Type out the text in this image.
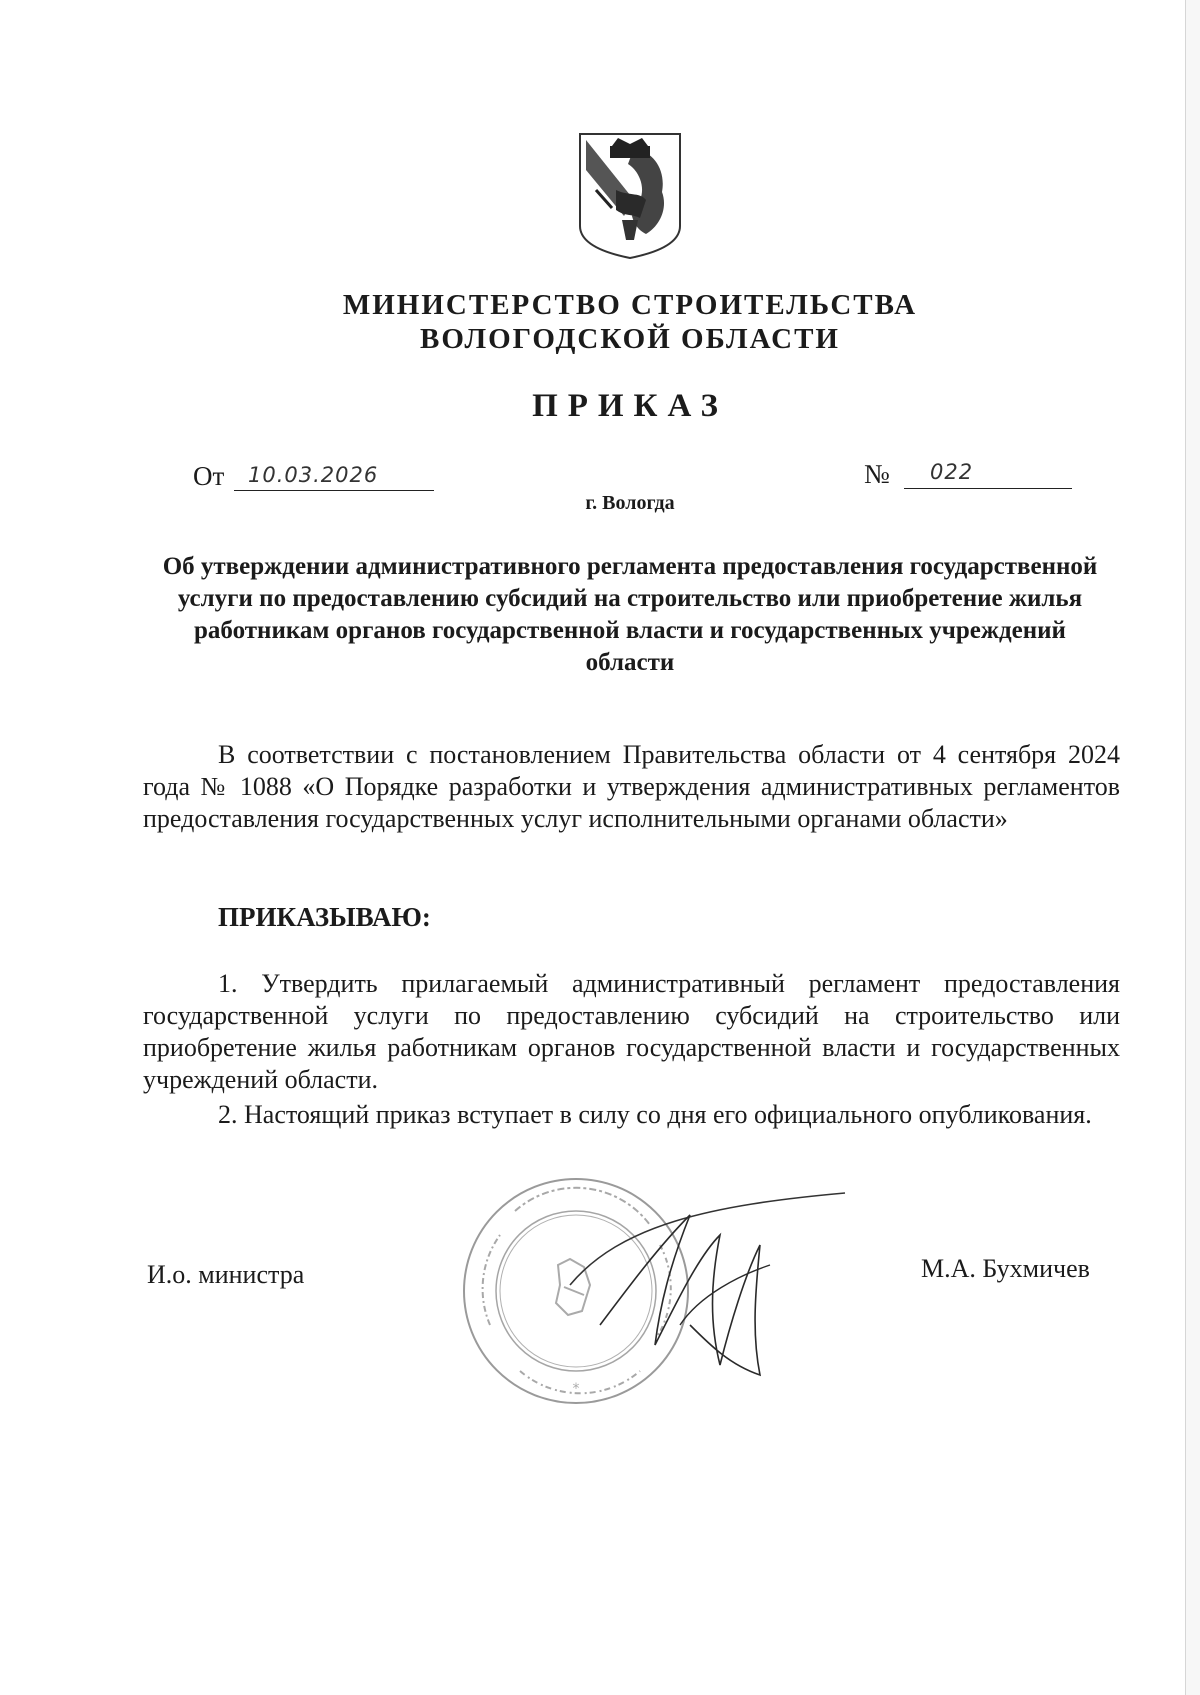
МИНИСТЕРСТВО СТРОИТЕЛЬСТВА
ВОЛОГОДСКОЙ ОБЛАСТИ
ПРИКАЗ
От 10.03.2026	№ 022
г. Вологда
Об утверждении административного регламента предоставления государственной услуги по предоставлению субсидий на строительство или приобретение жилья работникам органов государственной власти и государственных учреждений области
В соответствии с постановлением Правительства области от 4 сентября 2024 года № 1088 «О Порядке разработки и утверждения административных регламентов предоставления государственных услуг исполнительными органами области»
ПРИКАЗЫВАЮ:
1. Утвердить прилагаемый административный регламент предоставления государственной услуги по предоставлению субсидий на строительство или приобретение жилья работникам органов государственной власти и государственных учреждений области.
2. Настоящий приказ вступает в силу со дня его официального опубликования.
И.о. министра	М.А. Бухмичев
*
